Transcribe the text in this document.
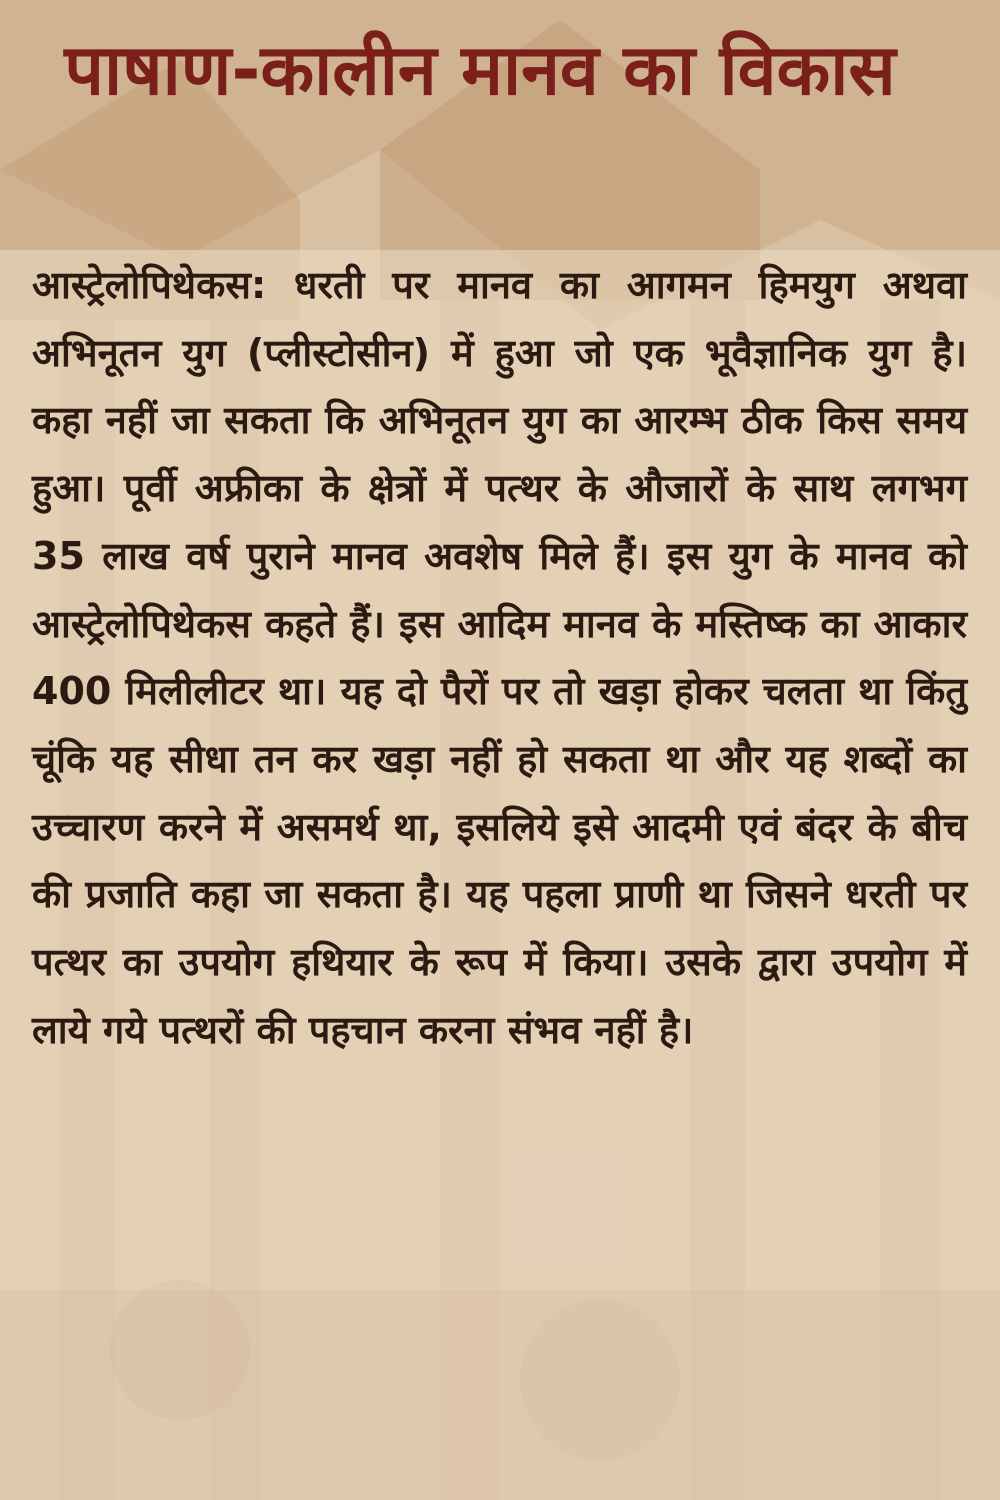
पाषाण-कालीन मानव का विकास

आस्ट्रेलोपिथेकस: धरती पर मानव का आगमन हिमयुग अथवा अभिनूतन युग (प्लीस्टोसीन) में हुआ जो एक भूवैज्ञानिक युग है। कहा नहीं जा सकता कि अभिनूतन युग का आरम्भ ठीक किस समय हुआ। पूर्वी अफ्रीका के क्षेत्रों में पत्थर के औजारों के साथ लगभग 35 लाख वर्ष पुराने मानव अवशेष मिले हैं। इस युग के मानव को आस्ट्रेलोपिथेकस कहते हैं। इस आदिम मानव के मस्तिष्क का आकार 400 मिलीलीटर था। यह दो पैरों पर तो खड़ा होकर चलता था किंतु चूंकि यह सीधा तन कर खड़ा नहीं हो सकता था और यह शब्दों का उच्चारण करने में असमर्थ था, इसलिये इसे आदमी एवं बंदर के बीच की प्रजाति कहा जा सकता है। यह पहला प्राणी था जिसने धरती पर पत्थर का उपयोग हथियार के रूप में किया। उसके द्वारा उपयोग में लाये गये पत्थरों की पहचान करना संभव नहीं है।
